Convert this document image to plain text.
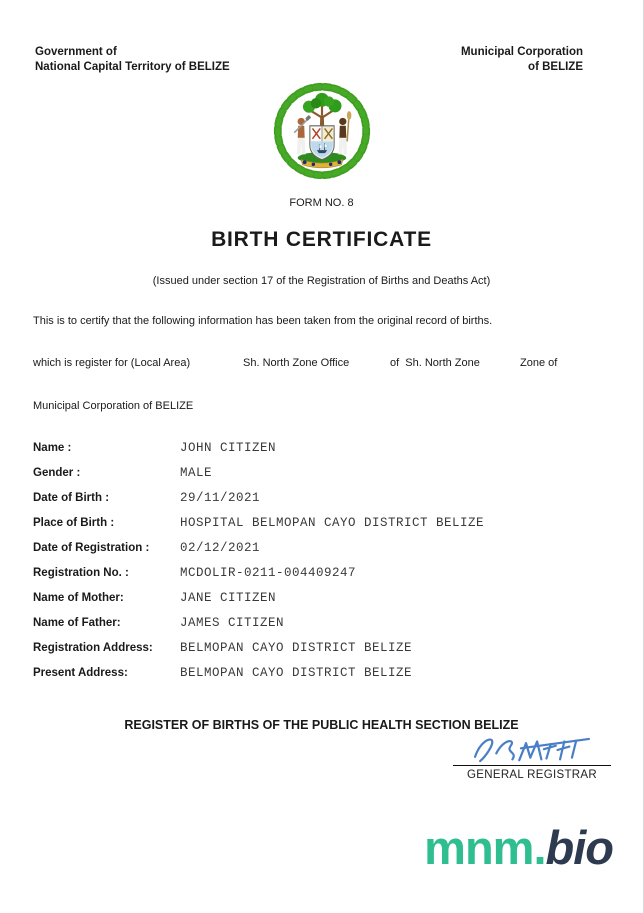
Government of
National Capital Territory of BELIZE
Municipal Corporation
of BELIZE
FORM NO. 8
BIRTH CERTIFICATE
(Issued under section 17 of the Registration of Births and Deaths Act)
This is to certify that the following information has been taken from the original record of births.
which is register for (Local Area)	Sh. North Zone Office	of  Sh. North Zone	Zone of
Municipal Corporation of BELIZE
Name :	JOHN CITIZEN
Gender :	MALE
Date of Birth :	29/11/2021
Place of Birth :	HOSPITAL BELMOPAN CAYO DISTRICT BELIZE
Date of Registration :	02/12/2021
Registration No. :	MCDOLIR-0211-004409247
Name of Mother:	JANE CITIZEN
Name of Father:	JAMES CITIZEN
Registration Address:	BELMOPAN CAYO DISTRICT BELIZE
Present Address:	BELMOPAN CAYO DISTRICT BELIZE
REGISTER OF BIRTHS OF THE PUBLIC HEALTH SECTION BELIZE
GENERAL REGISTRAR
mnm.bio
